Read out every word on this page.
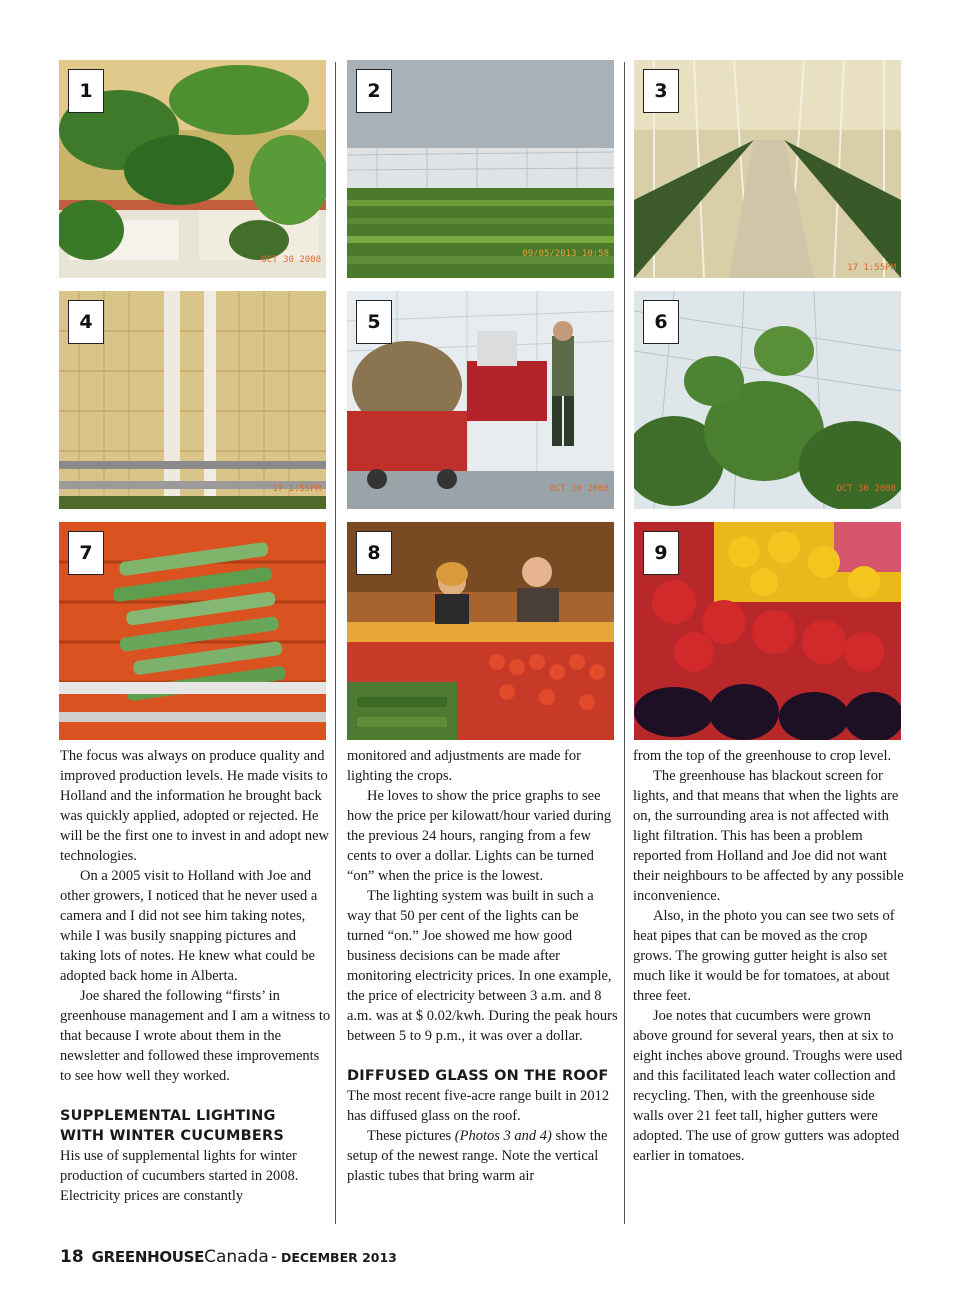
OCT 30 2008
1
09/05/2013 10:58
2
17 1:55PM
3
17 1:55PM
4
OCT 30 2008
5
OCT 30 2008
6
7	8	9

The focus was always on produce quality and improved production levels. He made visits to Holland and the information he brought back was quickly applied, adopted or rejected. He will be the first one to invest in and adopt new technologies.

On a 2005 visit to Holland with Joe and other growers, I noticed that he never used a camera and I did not see him taking notes, while I was busily snapping pictures and taking lots of notes. He knew what could be adopted back home in Alberta.

Joe shared the following “firsts’ in greenhouse management and I am a witness to that because I wrote about them in the newsletter and followed these improvements to see how well they worked.

SUPPLEMENTAL LIGHTING
WITH WINTER CUCUMBERS

His use of supplemental lights for winter production of cucumbers started in 2008. Electricity prices are constantly

monitored and adjustments are made for lighting the crops.

He loves to show the price graphs to see how the price per kilowatt/hour varied during the previous 24 hours, ranging from a few cents to over a dollar. Lights can be turned “on” when the price is the lowest.

The lighting system was built in such a way that 50 per cent of the lights can be turned “on.” Joe showed me how good business decisions can be made after monitoring electricity prices. In one example, the price of electricity between 3 a.m. and 8 a.m. was at $ 0.02/kwh. During the peak hours between 5 to 9 p.m., it was over a dollar.

DIFFUSED GLASS ON THE ROOF

The most recent five-acre range built in 2012 has diffused glass on the roof.

These pictures (Photos 3 and 4) show the setup of the newest range. Note the vertical plastic tubes that bring warm air

from the top of the greenhouse to crop level.

The greenhouse has blackout screen for lights, and that means that when the lights are on, the surrounding area is not affected with light filtration. This has been a problem reported from Holland and Joe did not want their neighbours to be affected by any possible inconvenience.

Also, in the photo you can see two sets of heat pipes that can be moved as the crop grows. The growing gutter height is also set much like it would be for tomatoes, at about three feet.

Joe notes that cucumbers were grown above ground for several years, then at six to eight inches above ground. Troughs were used and this facilitated leach water collection and recycling. Then, with the greenhouse side walls over 21 feet tall, higher gutters were adopted. The use of grow gutters was adopted earlier in tomatoes.

18 GREENHOUSE Canada - DECEMBER 2013
